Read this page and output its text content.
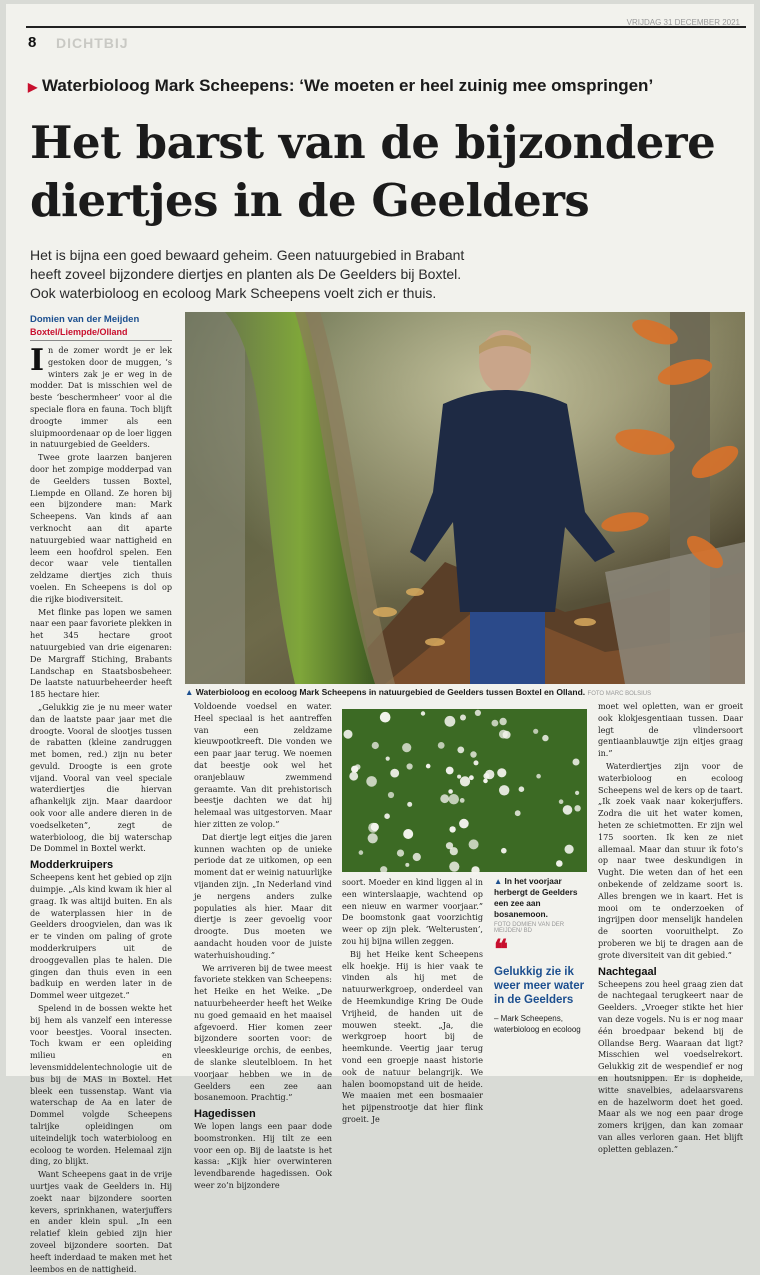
8 DICHTBIJ
VRIJDAG 31 DECEMBER 2021
▶ Waterbioloog Mark Scheepens: ‘We moeten er heel zuinig mee omspringen’
Het barst van de bijzondere diertjes in de Geelders

Het is bijna een goed bewaard geheim. Geen natuurgebied in Brabant heeft zoveel bijzondere diertjes en planten als De Geelders bij Boxtel. Ook waterbioloog en ecoloog Mark Scheepens voelt zich er thuis.

Domien van der Meijden
Boxtel/Liempde/Olland

In de zomer wordt je er lek gestoken door de muggen, ’s winters zak je er weg in de modder. Dat is misschien wel de beste ‘beschermheer’ voor al die speciale flora en fauna. Toch blijft droogte immer als een sluipmoordenaar op de loer liggen in natuurgebied de Geelders.

Twee grote laarzen banjeren door het zompige modderpad van de Geelders tussen Boxtel, Liempde en Olland. Ze horen bij een bijzondere man: Mark Scheepens. Van kinds af aan verknocht aan dit aparte natuurgebied waar nattigheid en leem een hoofdrol spelen. Een decor waar vele tientallen zeldzame diertjes zich thuis voelen. En Scheepens is dol op die rijke biodiversiteit.

Met flinke pas lopen we samen naar een paar favoriete plekken in het 345 hectare groot natuurgebied van drie eigenaren: De Margraff Stiching, Brabants Landschap en Staatsbosbeheer. De laatste natuurbeheerder heeft 185 hectare hier.

„Gelukkig zie je nu meer water dan de laatste paar jaar met die droogte. Vooral de slootjes tussen de rabatten (kleine zandruggen met bomen, red.) zijn nu beter gevuld. Droogte is een grote vijand. Vooral van veel speciale waterdiertjes die hiervan afhankelijk zijn. Maar daardoor ook voor alle andere dieren in de voedselketen”, zegt de waterbioloog, die bij waterschap De Dommel in Boxtel werkt.

Modderkruipers

Scheepens kent het gebied op zijn duimpje. „Als kind kwam ik hier al graag. Ik was altijd buiten. En als de waterplassen hier in de Geelders droogvielen, dan was ik er te vinden om paling of grote modderkruipers uit de drooggevallen plas te halen. Die gingen dan thuis even in een badkuip en werden later in de Dommel weer uitgezet.”

Spelend in de bossen wekte het bij hem als vanzelf een interesse voor beestjes. Vooral insecten. Toch kwam er een opleiding milieu en levensmiddelentechnologie uit de bus bij de MAS in Boxtel. Het bleek een tussenstap. Want via waterschap de Aa en later de Dommel volgde Scheepens talrijke opleidingen om uiteindelijk toch waterbioloog en ecoloog te worden. Helemaal zijn ding, zo blijkt.

Want Scheepens gaat in de vrije uurtjes vaak de Geelders in. Hij zoekt naar bijzondere soorten kevers, sprinkhanen, waterjuffers en ander klein spul. „In een relatief klein gebied zijn hier zoveel bijzondere soorten. Dat heeft inderdaad te maken met het leembos en de nattigheid.

▲ Waterbioloog en ecoloog Mark Scheepens in natuurgebied de Geelders tussen Boxtel en Olland. FOTO MARC BOLSIUS

Voldoende voedsel en water. Heel speciaal is het aantreffen van een zeldzame kieuwpootkreeft. Die vonden we een paar jaar terug. We noemen dat beestje ook wel het oranjeblauw zwemmend geraamte. Van dit prehistorisch beestje dachten we dat hij helemaal was uitgestorven. Maar hier zitten ze volop.”

Dat diertje legt eitjes die jaren kunnen wachten op de unieke periode dat ze uitkomen, op een moment dat er weinig natuurlijke vijanden zijn. „In Nederland vind je nergens anders zulke populaties als hier. Maar dit diertje is zeer gevoelig voor droogte. Dus moeten we aandacht houden voor de juiste waterhuishouding.”

We arriveren bij de twee meest favoriete stekken van Scheepens: het Heike en het Weike. „De natuurbeheerder heeft het Weike nu goed gemaaid en het maaisel afgevoerd. Hier komen zeer bijzondere soorten voor: de vleeskleurige orchis, de eenbes, de slanke sleutelbloem. In het voorjaar hebben we in de Geelders een zee aan bosanemoon. Prachtig.”

Hagedissen

We lopen langs een paar dode boomstronken. Hij tilt ze een voor een op. Bij de laatste is het kassa: „Kijk hier overwinteren levendbarende hagedissen. Ook weer zo’n bijzondere

soort. Moeder en kind liggen al in een winterslaapje, wachtend op een nieuw en warmer voorjaar.” De boomstonk gaat voorzichtig weer op zijn plek. ‘Welterusten’, zou hij bijna willen zeggen.

Bij het Heike kent Scheepens elk hoekje. Hij is hier vaak te vinden als hij met de natuurwerkgroep, onderdeel van de Heemkundige Kring De Oude Vrijheid, de handen uit de mouwen steekt. „Ja, die werkgroep hoort bij de heemkunde. Veertig jaar terug vond een groepje naast historie ook de natuur belangrijk. We halen boomopstand uit de heide. We maaien met een bosmaaier het pijpenstrootje dat hier flink groeit. Je

▲ In het voorjaar herbergt de Geelders een zee aan bosanemoon.
FOTO DOMIEN VAN DER MEIJDEN/ BD
❝
Gelukkig zie ik weer meer water in de Geelders
– Mark Scheepens, waterbioloog en ecoloog

moet wel opletten, wan er groeit ook klokjesgentiaan tussen. Daar legt de vlindersoort gentiaanblauwtje zijn eitjes graag in.”

Waterdiertjes zijn voor de waterbioloog en ecoloog Scheepens wel de kers op de taart. „Ik zoek vaak naar kokerjuffers. Zodra die uit het water komen, heten ze schietmotten. Er zijn wel 175 soorten. Ik ken ze niet allemaal. Maar dan stuur ik foto’s op naar twee deskundigen in Vught. Die weten dan of het een onbekende of zeldzame soort is. Alles brengen we in kaart. Het is mooi om te onderzoeken of ingrijpen door menselijk handelen de soorten vooruithelpt. Zo proberen we bij te dragen aan de grote diversiteit van dit gebied.”

Nachtegaal

Scheepens zou heel graag zien dat de nachtegaal terugkeert naar de Geelders. „Vroeger stikte het hier van deze vogels. Nu is er nog maar één broedpaar bekend bij de Ollandse Berg. Waaraan dat ligt? Misschien wel voedselrekort. Gelukkig zit de wespendief er nog en houtsnippen. Er is dopheide, witte snavelbies, adelaarsvarens en de hazelworm doet het goed. Maar als we nog een paar droge zomers krijgen, dan kan zomaar van alles verloren gaan. Het blijft opletten geblazen.”
